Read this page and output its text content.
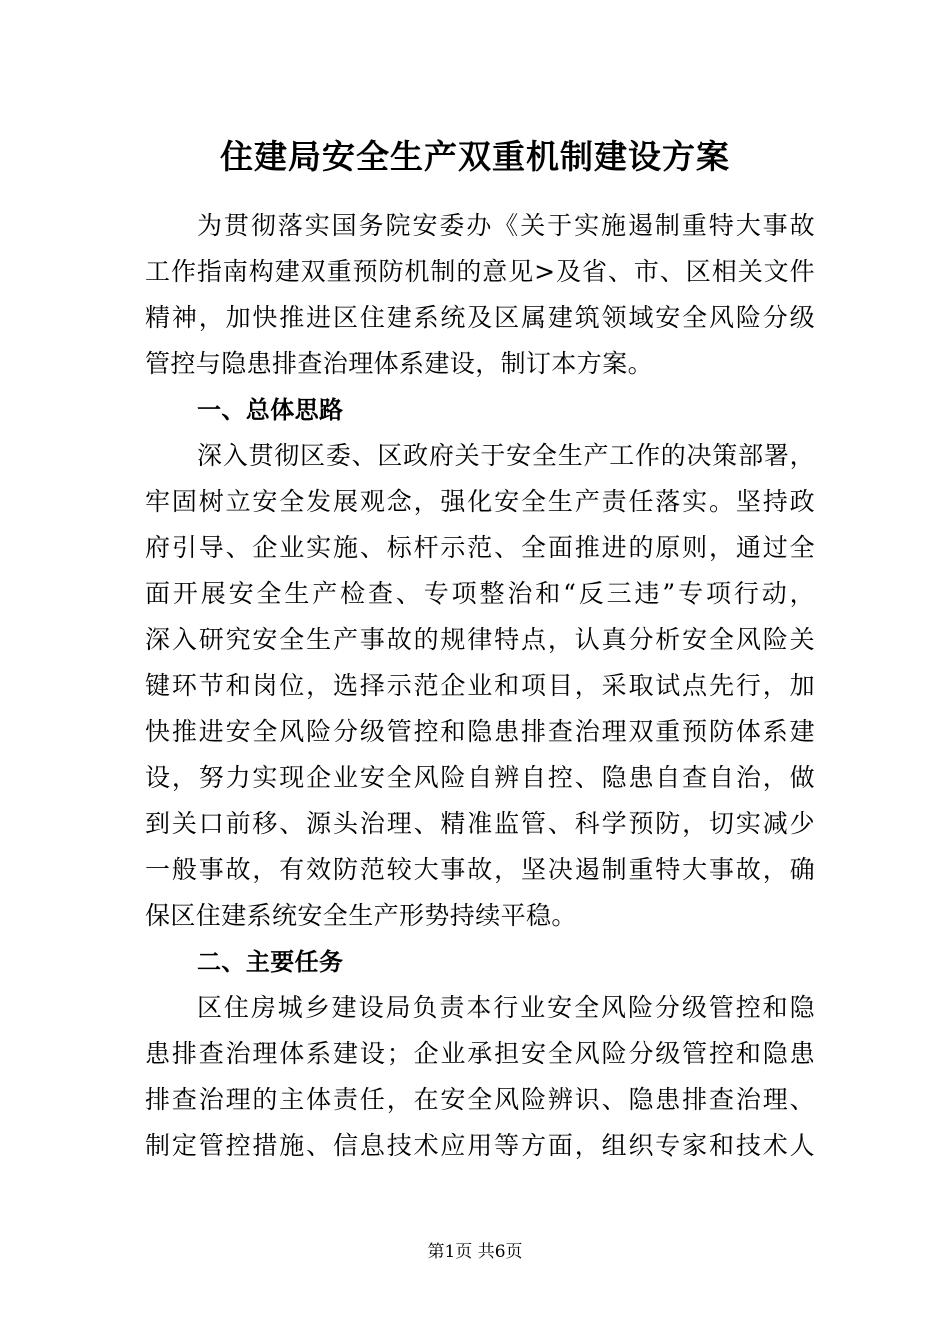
住建局安全生产双重机制建设方案
为贯彻落实国务院安委办《关于实施遏制重特大事故
工作指南构建双重预防机制的意见>及省、市、区相关文件
精神，加快推进区住建系统及区属建筑领域安全风险分级
管控与隐患排查治理体系建设，制订本方案。
一、总体思路
深入贯彻区委、区政府关于安全生产工作的决策部署，
牢固树立安全发展观念，强化安全生产责任落实。坚持政
府引导、企业实施、标杆示范、全面推进的原则，通过全
面开展安全生产检查、专项整治和“反三违”专项行动，
深入研究安全生产事故的规律特点，认真分析安全风险关
键环节和岗位，选择示范企业和项目，采取试点先行，加
快推进安全风险分级管控和隐患排查治理双重预防体系建
设，努力实现企业安全风险自辨自控、隐患自查自治，做
到关口前移、源头治理、精准监管、科学预防，切实减少
一般事故，有效防范较大事故，坚决遏制重特大事故，确
保区住建系统安全生产形势持续平稳。
二、主要任务
区住房城乡建设局负责本行业安全风险分级管控和隐
患排查治理体系建设；企业承担安全风险分级管控和隐患
排查治理的主体责任，在安全风险辨识、隐患排查治理、
制定管控措施、信息技术应用等方面，组织专家和技术人
第1页 共6页
